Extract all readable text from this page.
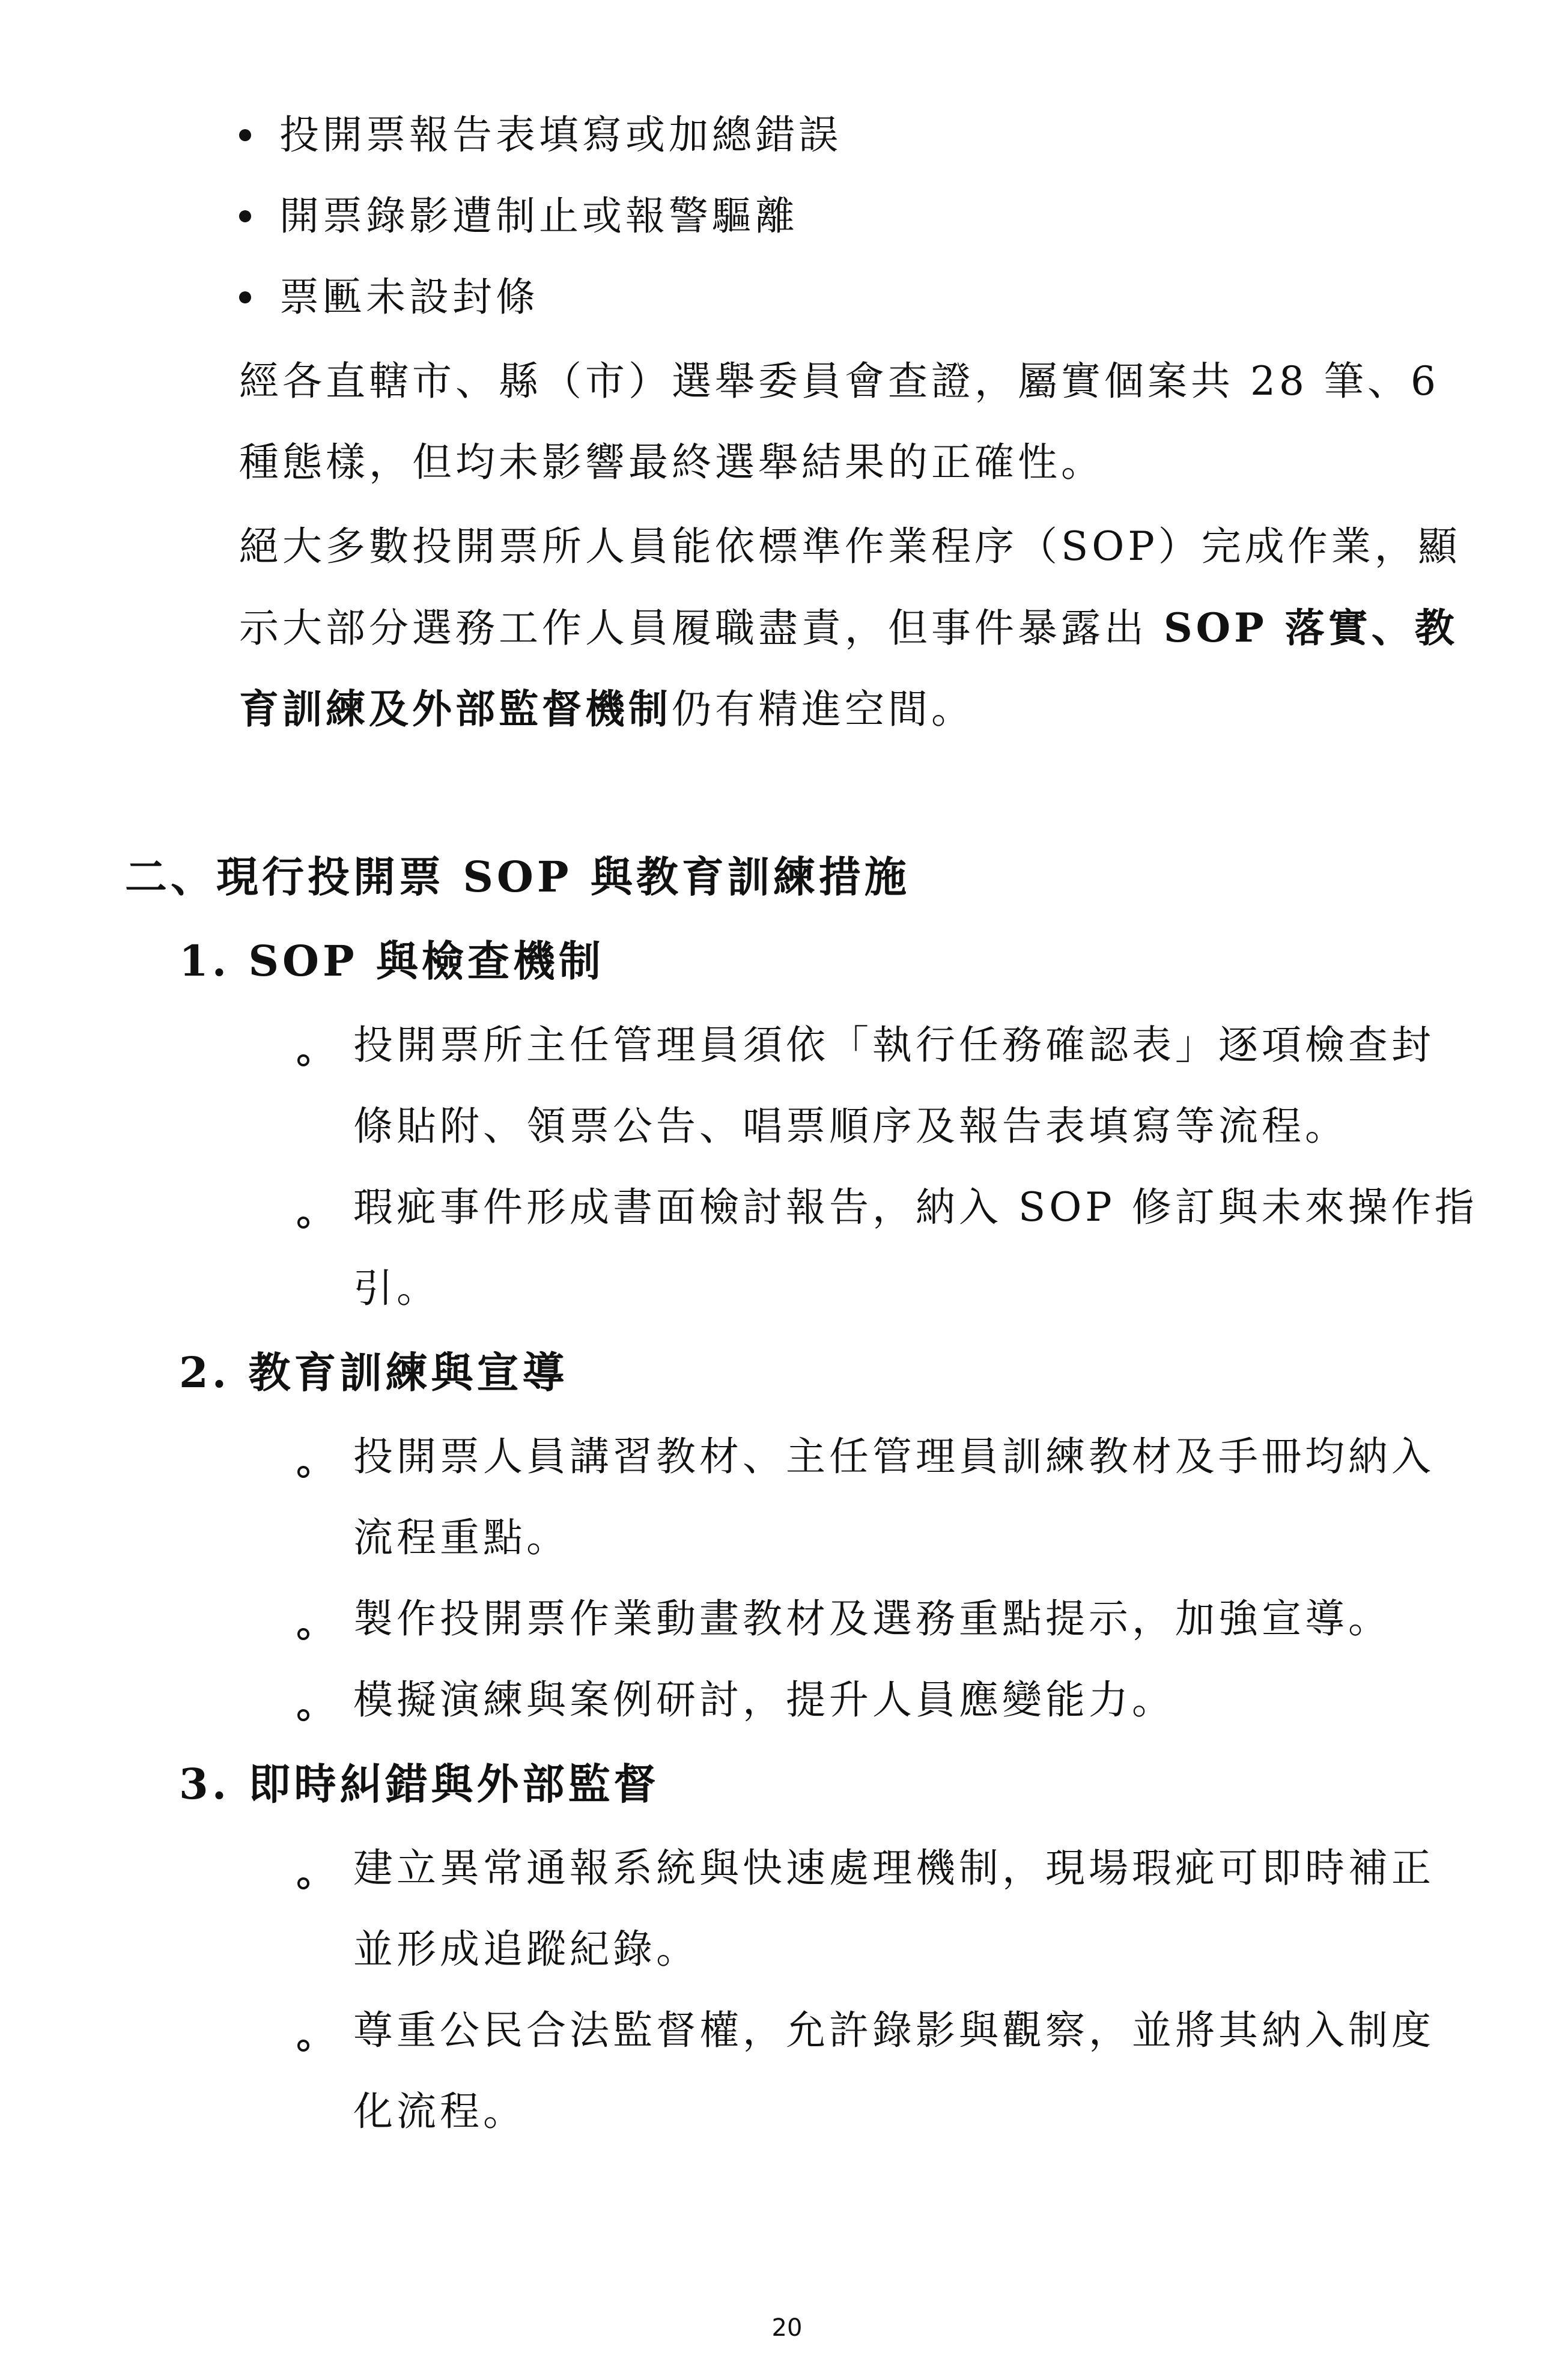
投開票報告表填寫或加總錯誤
開票錄影遭制止或報警驅離
票匭未設封條
經各直轄市、縣（市）選舉委員會查證，屬實個案共 28 筆、6
種態樣，但均未影響最終選舉結果的正確性。
絕大多數投開票所人員能依標準作業程序（SOP）完成作業，顯
示大部分選務工作人員履職盡責，但事件暴露出 SOP 落實、教
育訓練及外部監督機制仍有精進空間。
二、現行投開票 SOP 與教育訓練措施
1. SOP 與檢查機制
投開票所主任管理員須依「執行任務確認表」逐項檢查封
條貼附、領票公告、唱票順序及報告表填寫等流程。
瑕疵事件形成書面檢討報告，納入 SOP 修訂與未來操作指
引。
2. 教育訓練與宣導
投開票人員講習教材、主任管理員訓練教材及手冊均納入
流程重點。
製作投開票作業動畫教材及選務重點提示，加強宣導。
模擬演練與案例研討，提升人員應變能力。
3. 即時糾錯與外部監督
建立異常通報系統與快速處理機制，現場瑕疵可即時補正
並形成追蹤紀錄。
尊重公民合法監督權，允許錄影與觀察，並將其納入制度
化流程。
20
